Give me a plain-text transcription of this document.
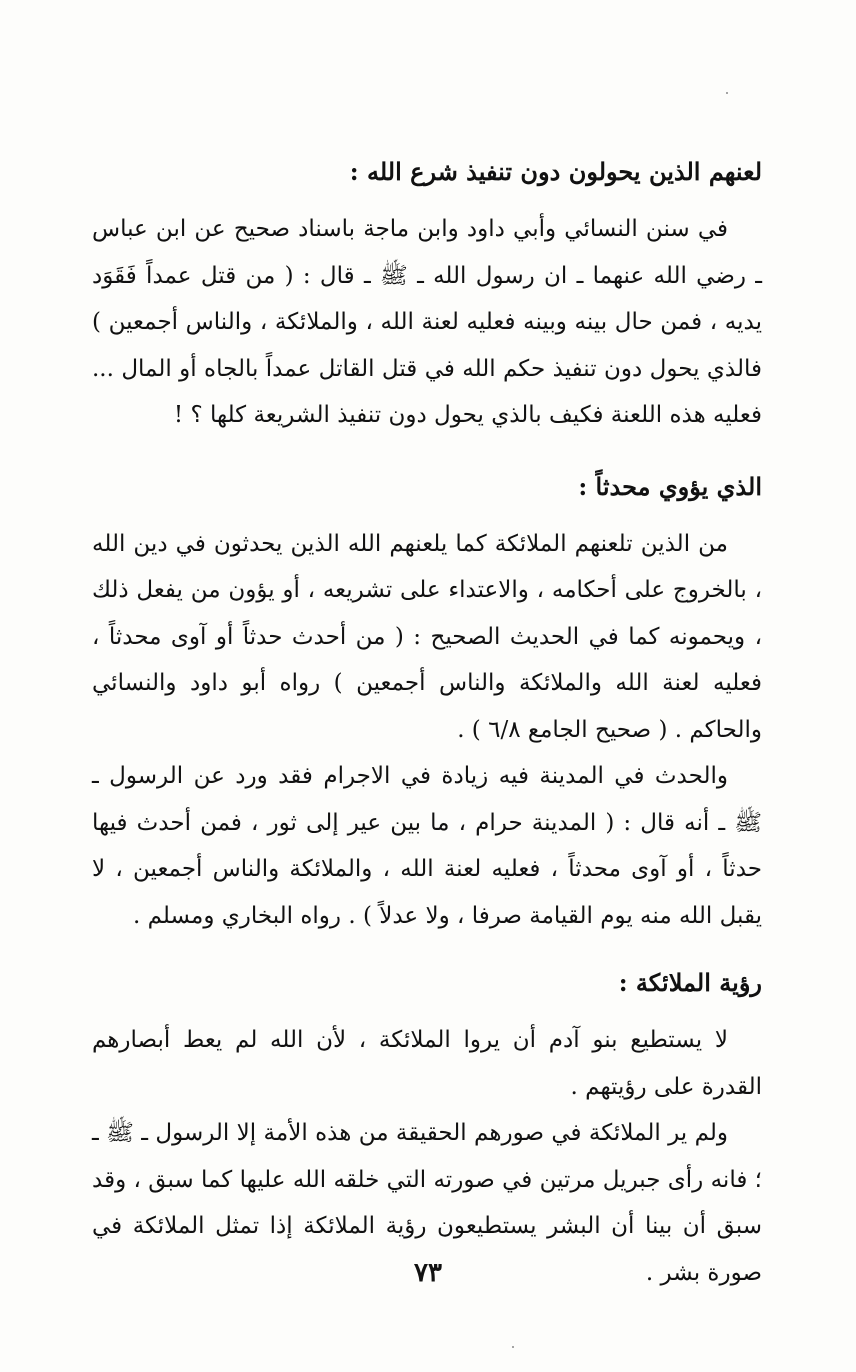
لعنهم الذين يحولون دون تنفيذ شرع الله :

في سنن النسائي وأبي داود وابن ماجة باسناد صحيح عن ابن عباس ـ رضي الله عنهما ـ ان رسول الله ـ ﷺ ـ قال : ( من قتل عمداً فَقَوَد يديه ، فمن حال بينه وبينه فعليه لعنة الله ، والملائكة ، والناس أجمعين ) فالذي يحول دون تنفيذ حكم الله في قتل القاتل عمداً بالجاه أو المال ... فعليه هذه اللعنة فكيف بالذي يحول دون تنفيذ الشريعة كلها ؟ !

الذي يؤوي محدثاً :

من الذين تلعنهم الملائكة كما يلعنهم الله الذين يحدثون في دين الله ، بالخروج على أحكامه ، والاعتداء على تشريعه ، أو يؤون من يفعل ذلك ، ويحمونه كما في الحديث الصحيح : ( من أحدث حدثاً أو آوى محدثاً ، فعليه لعنة الله والملائكة والناس أجمعين ) رواه أبو داود والنسائي والحاكم . ( صحيح الجامع ٦/٨ ) .

والحدث في المدينة فيه زيادة في الاجرام فقد ورد عن الرسول ـ ﷺ ـ أنه قال : ( المدينة حرام ، ما بين عير إلى ثور ، فمن أحدث فيها حدثاً ، أو آوى محدثاً ، فعليه لعنة الله ، والملائكة والناس أجمعين ، لا يقبل الله منه يوم القيامة صرفا ، ولا عدلاً ) . رواه البخاري ومسلم .

رؤية الملائكة :

لا يستطيع بنو آدم أن يروا الملائكة ، لأن الله لم يعط أبصارهم القدرة على رؤيتهم .

ولم ير الملائكة في صورهم الحقيقة من هذه الأمة إلا الرسول ـ ﷺ ـ ؛ فانه رأى جبريل مرتين في صورته التي خلقه الله عليها كما سبق ، وقد سبق أن بينا أن البشر يستطيعون رؤية الملائكة إذا تمثل الملائكة في صورة بشر .

٧٣
